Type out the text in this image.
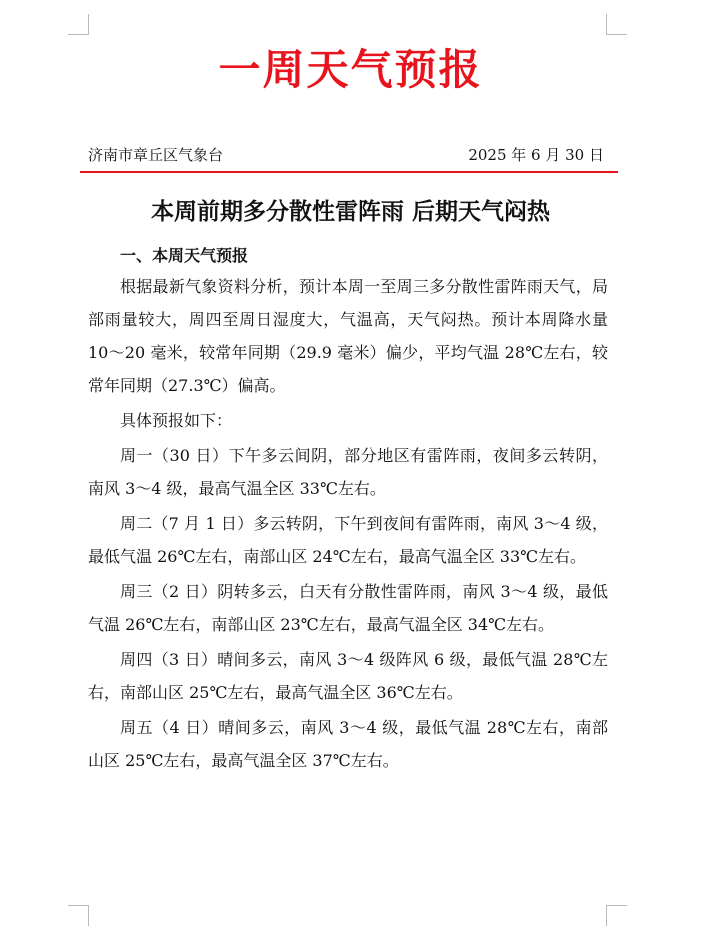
一周天气预报
济南市章丘区气象台	2025 年 6 月 30 日
本周前期多分散性雷阵雨 后期天气闷热
一、本周天气预报

根据最新气象资料分析，预计本周一至周三多分散性雷阵雨天气，局部雨量较大，周四至周日湿度大，气温高，天气闷热。预计本周降水量 10～20 毫米，较常年同期（29.9 毫米）偏少，平均气温 28℃左右，较常年同期（27.3℃）偏高。

具体预报如下：

周一（30 日）下午多云间阴，部分地区有雷阵雨，夜间多云转阴，南风 3～4 级，最高气温全区 33℃左右。

周二（7 月 1 日）多云转阴，下午到夜间有雷阵雨，南风 3～4 级，最低气温 26℃左右，南部山区 24℃左右，最高气温全区 33℃左右。

周三（2 日）阴转多云，白天有分散性雷阵雨，南风 3～4 级，最低气温 26℃左右，南部山区 23℃左右，最高气温全区 34℃左右。

周四（3 日）晴间多云，南风 3～4 级阵风 6 级，最低气温 28℃左右，南部山区 25℃左右，最高气温全区 36℃左右。

周五（4 日）晴间多云，南风 3～4 级，最低气温 28℃左右，南部山区 25℃左右，最高气温全区 37℃左右。
